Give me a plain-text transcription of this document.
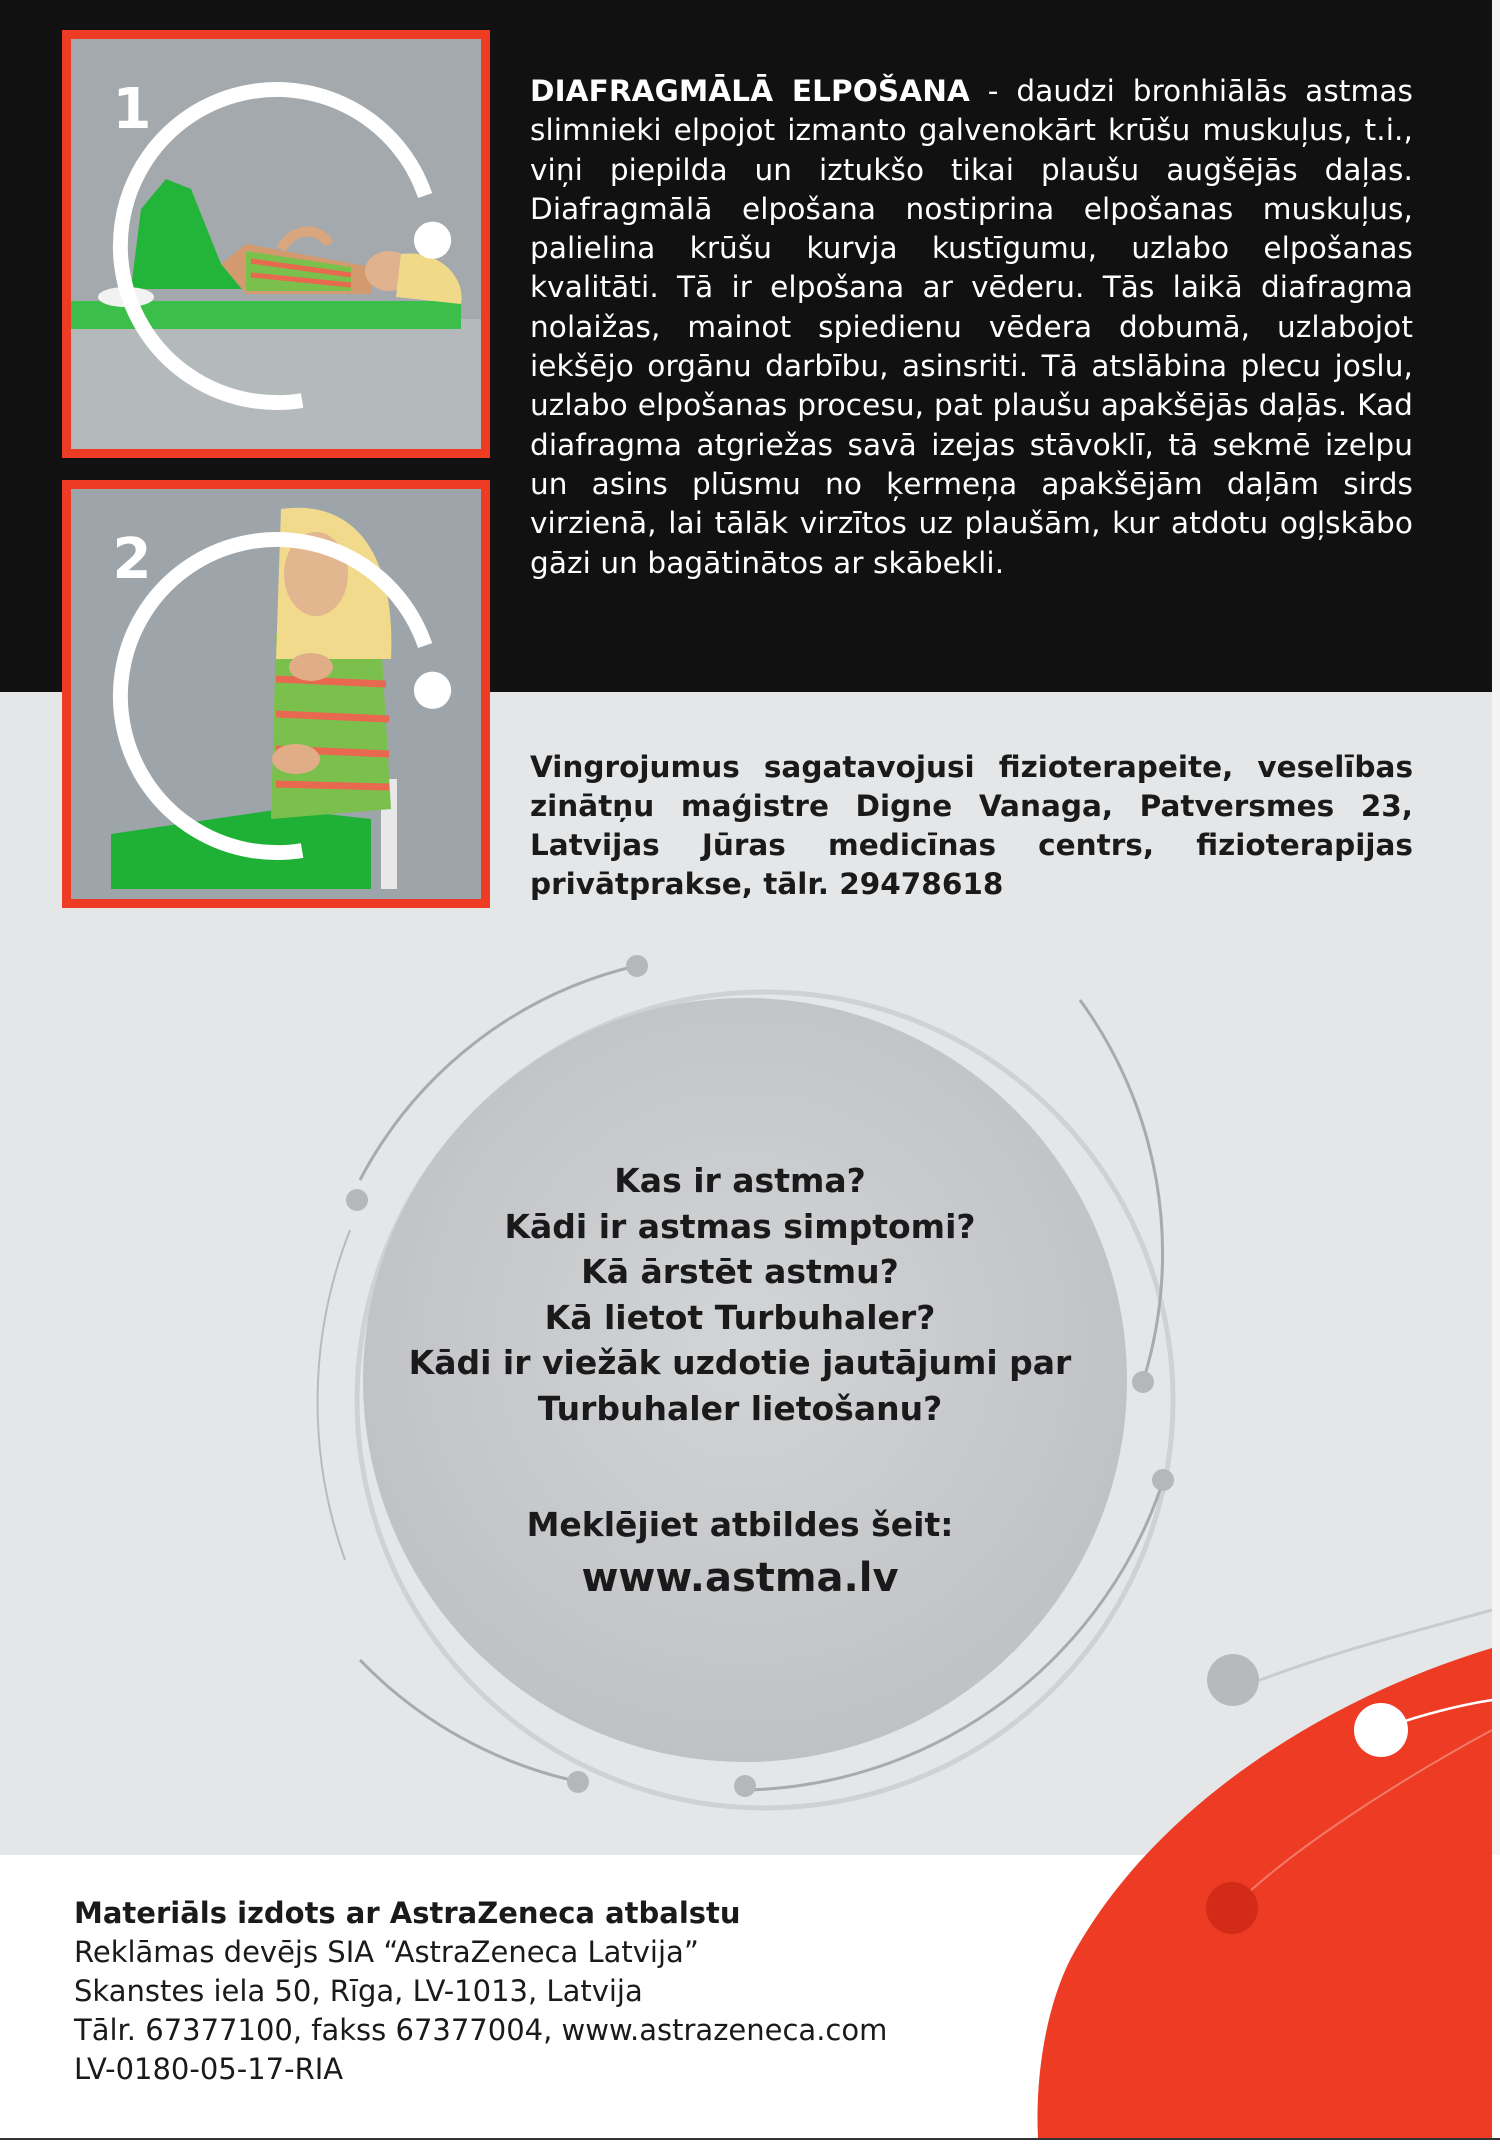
1
2
DIAFRAGMĀLĀ ELPOŠANA - daudzi bronhiālās astmas slimnieki elpojot izmanto galvenokārt krūšu muskuļus, t.i., viņi piepilda un iztukšo tikai plaušu augšējās daļas. Diafragmālā elpošana nostiprina elpošanas muskuļus, palielina krūšu kurvja kustīgumu, uzlabo elpošanas kvalitāti. Tā ir elpošana ar vēderu. Tās laikā diafragma nolaižas, mainot spiedienu vēdera dobumā, uzlabojot iekšējo orgānu darbību, asinsriti. Tā atslābina plecu joslu, uzlabo elpošanas procesu, pat plaušu apakšējās daļās. Kad diafragma atgriežas savā izejas stāvoklī, tā sekmē izelpu un asins plūsmu no ķermeņa apakšējām daļām sirds virzienā, lai tālāk virzītos uz plaušām, kur atdotu ogļskābo gāzi un bagātinātos ar skābekli.
Vingrojumus sagatavojusi fizioterapeite, veselības zinātņu maģistre Digne Vanaga, Patversmes 23, Latvijas Jūras medicīnas centrs, fizioterapijas privātprakse, tālr. 29478618
Kas ir astma?
Kādi ir astmas simptomi?
Kā ārstēt astmu?
Kā lietot Turbuhaler?
Kādi ir viežāk uzdotie jautājumi par
Turbuhaler lietošanu?
Meklējiet atbildes šeit:
www.astma.lv
Materiāls izdots ar AstraZeneca atbalstu
Reklāmas devējs SIA “AstraZeneca Latvija”
Skanstes iela 50, Rīga, LV-1013, Latvija
Tālr. 67377100, fakss 67377004, www.astrazeneca.com
LV-0180-05-17-RIA
